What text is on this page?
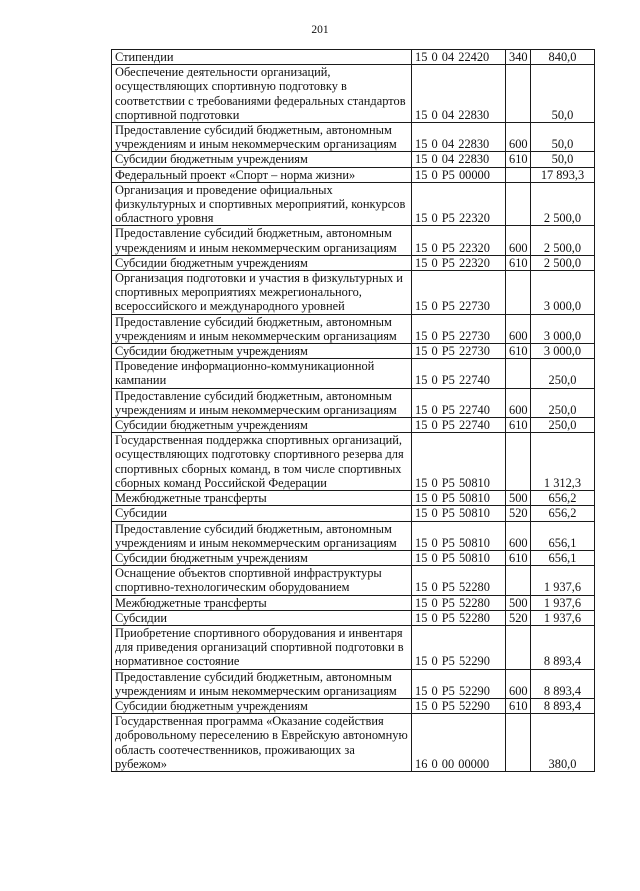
201
Стипендии	15 0 04 22420	340	840,0
Обеспечение деятельности организаций, осуществляющих спортивную подготовку в соответствии с требованиями федеральных стандартов спортивной подготовки	15 0 04 22830		50,0
Предоставление субсидий бюджетным, автономным учреждениям и иным некоммерческим организациям	15 0 04 22830	600	50,0
Субсидии бюджетным учреждениям	15 0 04 22830	610	50,0
Федеральный проект «Спорт – норма жизни»	15 0 P5 00000		17 893,3
Организация и проведение официальных физкультурных и спортивных мероприятий, конкурсов областного уровня	15 0 P5 22320		2 500,0
Предоставление субсидий бюджетным, автономным учреждениям и иным некоммерческим организациям	15 0 P5 22320	600	2 500,0
Субсидии бюджетным учреждениям	15 0 P5 22320	610	2 500,0
Организация подготовки и участия в физкультурных и спортивных мероприятиях межрегионального, всероссийского и международного уровней	15 0 P5 22730		3 000,0
Предоставление субсидий бюджетным, автономным учреждениям и иным некоммерческим организациям	15 0 P5 22730	600	3 000,0
Субсидии бюджетным учреждениям	15 0 P5 22730	610	3 000,0
Проведение информационно-коммуникационной кампании	15 0 P5 22740		250,0
Предоставление субсидий бюджетным, автономным учреждениям и иным некоммерческим организациям	15 0 P5 22740	600	250,0
Субсидии бюджетным учреждениям	15 0 P5 22740	610	250,0
Государственная поддержка спортивных организаций, осуществляющих подготовку спортивного резерва для спортивных сборных команд, в том числе спортивных сборных команд Российской Федерации	15 0 P5 50810		1 312,3
Межбюджетные трансферты	15 0 P5 50810	500	656,2
Субсидии	15 0 P5 50810	520	656,2
Предоставление субсидий бюджетным, автономным учреждениям и иным некоммерческим организациям	15 0 P5 50810	600	656,1
Субсидии бюджетным учреждениям	15 0 P5 50810	610	656,1
Оснащение объектов спортивной инфраструктуры спортивно-технологическим оборудованием	15 0 P5 52280		1 937,6
Межбюджетные трансферты	15 0 P5 52280	500	1 937,6
Субсидии	15 0 P5 52280	520	1 937,6
Приобретение спортивного оборудования и инвентаря для приведения организаций спортивной подготовки в нормативное состояние	15 0 P5 52290		8 893,4
Предоставление субсидий бюджетным, автономным учреждениям и иным некоммерческим организациям	15 0 P5 52290	600	8 893,4
Субсидии бюджетным учреждениям	15 0 P5 52290	610	8 893,4
Государственная программа «Оказание содействия добровольному переселению в Еврейскую автономную область соотечественников, проживающих за рубежом»	16 0 00 00000		380,0
